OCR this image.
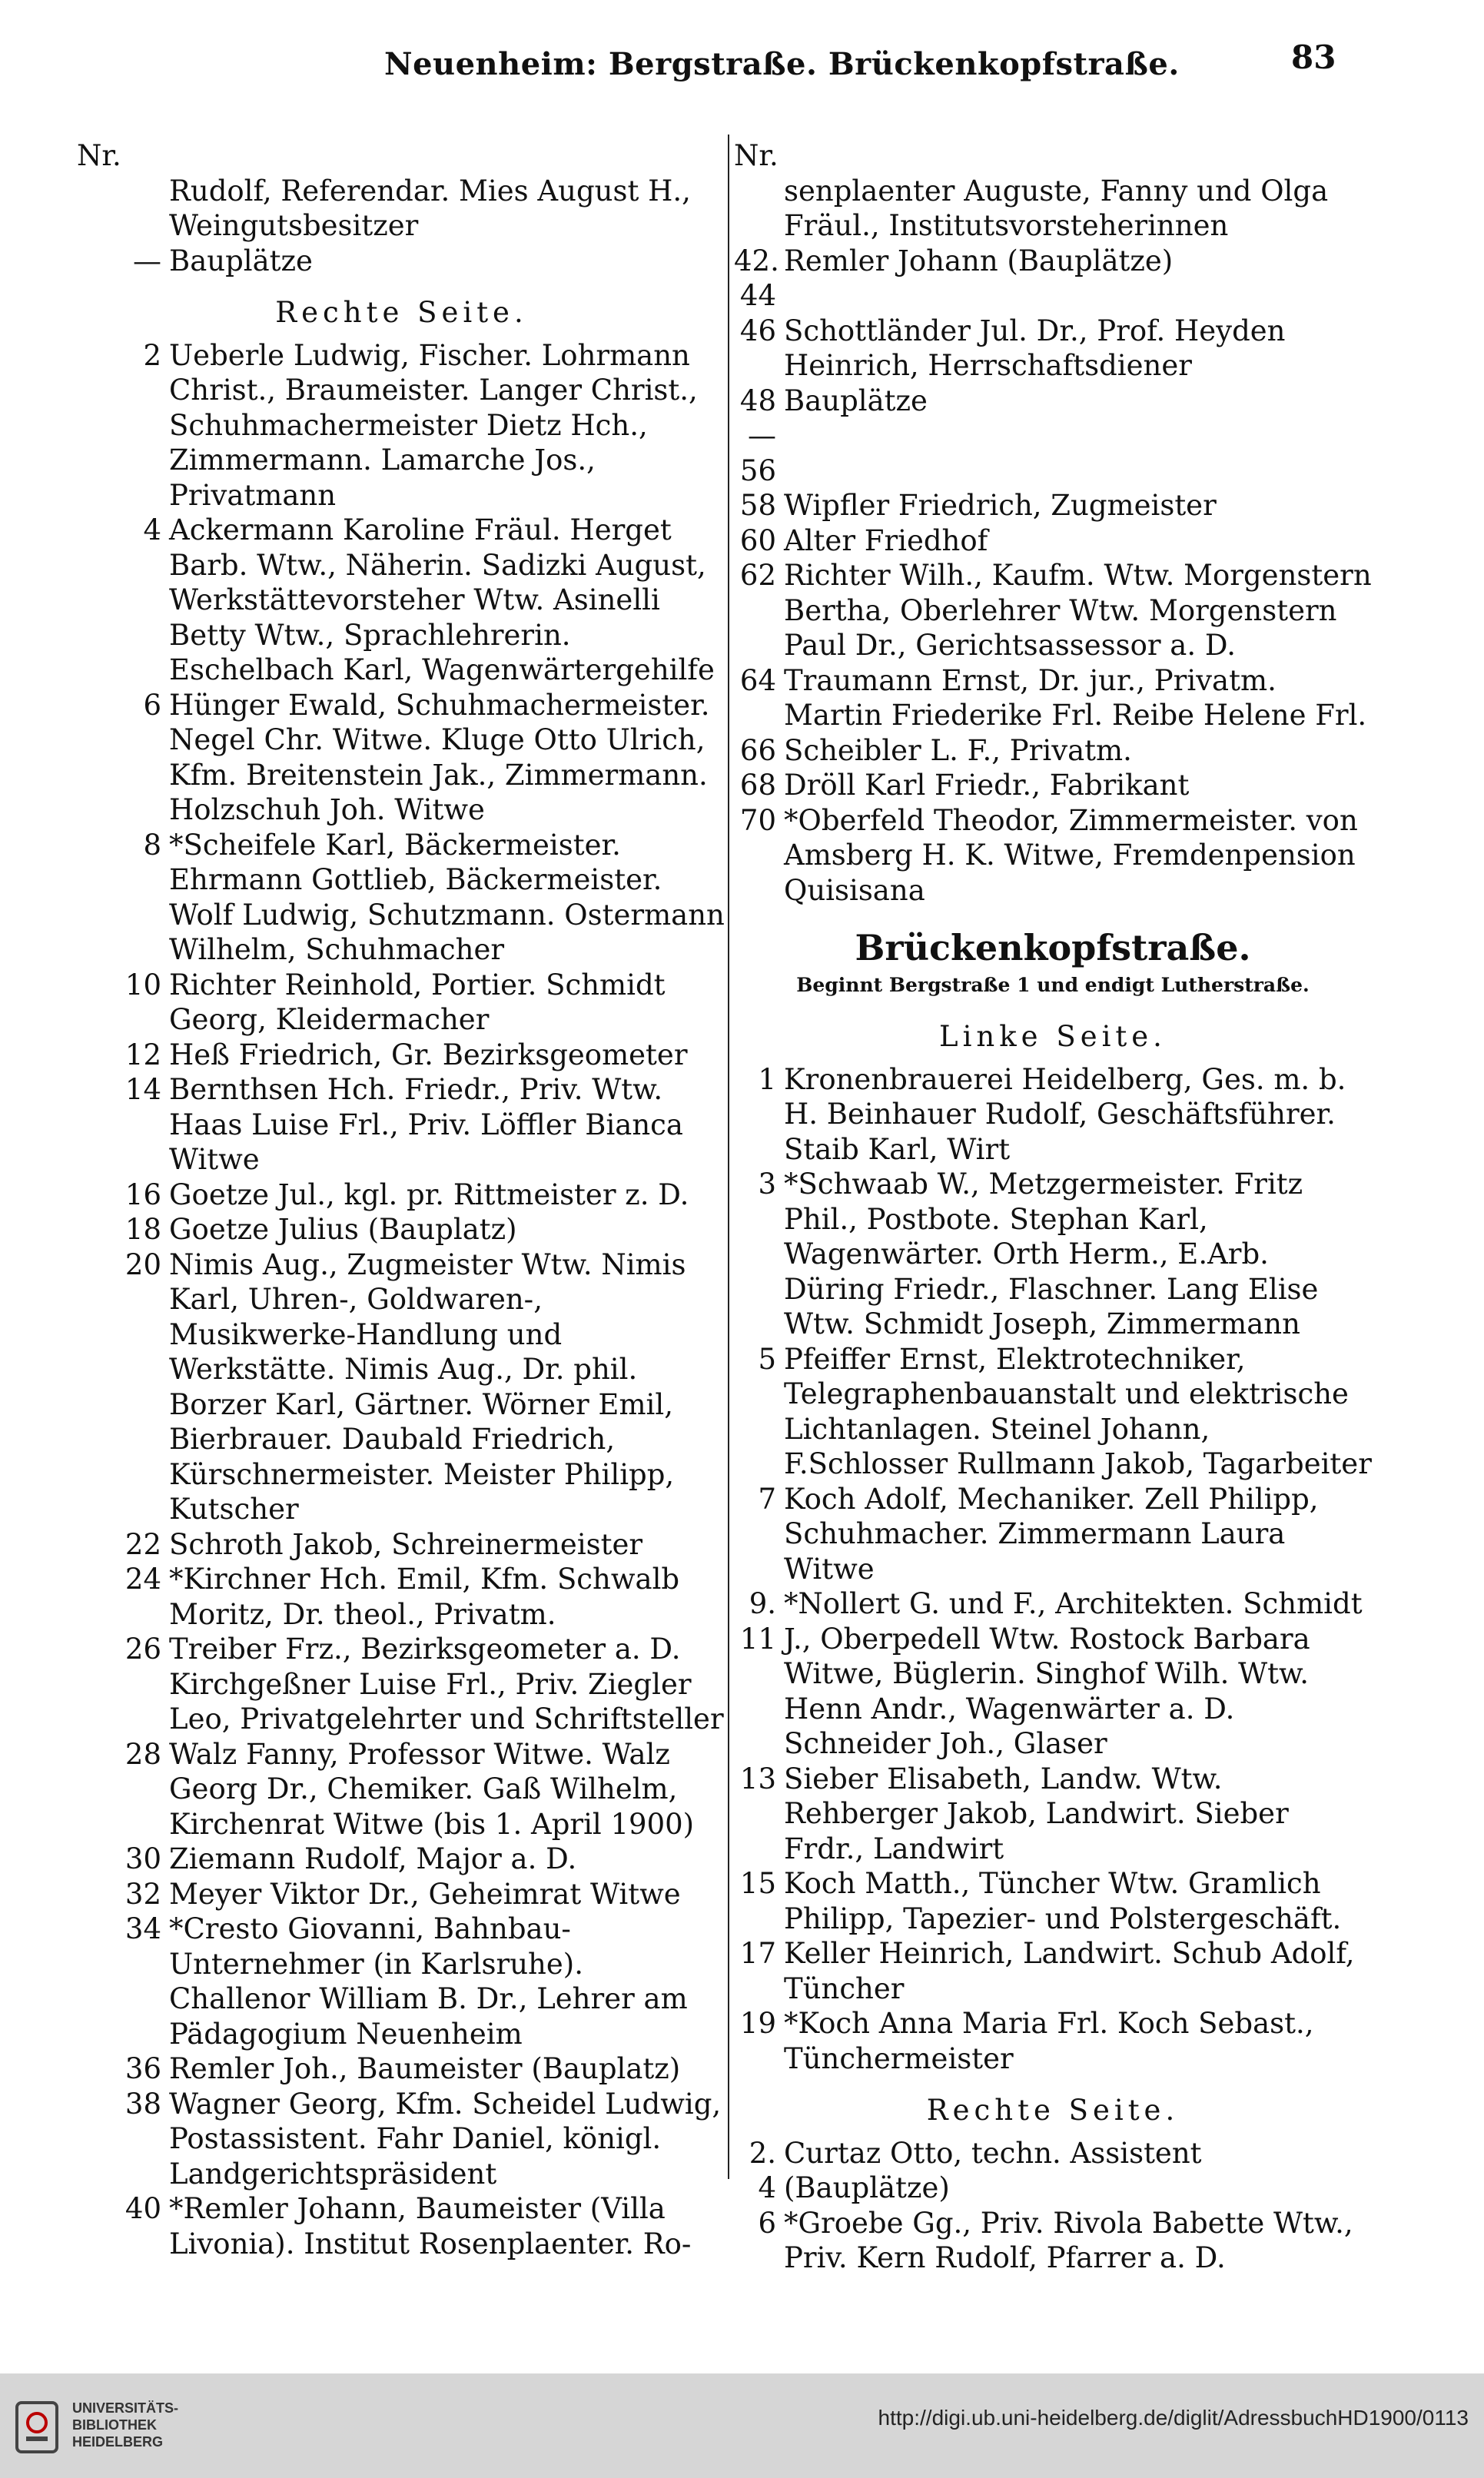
Neuenheim: Bergstraße. Brückenkopfstraße.	83
Nr.
Rudolf, Referendar. Mies August H., Weingutsbesitzer
— Bauplätze
Rechte Seite.
2 Ueberle Ludwig, Fischer. Lohrmann Christ., Braumeister. Langer Christ., Schuhmachermeister Dietz Hch., Zimmermann. Lamarche Jos., Privatmann
4 Ackermann Karoline Fräul. Herget Barb. Wtw., Näherin. Sadizki August, Werkstättevorsteher Wtw. Asinelli Betty Wtw., Sprachlehrerin. Eschelbach Karl, Wagenwärtergehilfe
6 Hünger Ewald, Schuhmachermeister. Negel Chr. Witwe. Kluge Otto Ulrich, Kfm. Breitenstein Jak., Zimmermann. Holzschuh Joh. Witwe
8 *Scheifele Karl, Bäckermeister. Ehrmann Gottlieb, Bäckermeister. Wolf Ludwig, Schutzmann. Ostermann Wilhelm, Schuhmacher
10 Richter Reinhold, Portier. Schmidt Georg, Kleidermacher
12 Heß Friedrich, Gr. Bezirksgeometer
14 Bernthsen Hch. Friedr., Priv. Wtw. Haas Luise Frl., Priv. Löffler Bianca Witwe
16 Goetze Jul., kgl. pr. Rittmeister z. D.
18 Goetze Julius (Bauplatz)
20 Nimis Aug., Zugmeister Wtw. Nimis Karl, Uhren-, Goldwaren-, Musikwerke-Handlung und Werkstätte. Nimis Aug., Dr. phil. Borzer Karl, Gärtner. Wörner Emil, Bierbrauer. Daubald Friedrich, Kürschnermeister. Meister Philipp, Kutscher
22 Schroth Jakob, Schreinermeister
24 *Kirchner Hch. Emil, Kfm. Schwalb Moritz, Dr. theol., Privatm.
26 Treiber Frz., Bezirksgeometer a. D. Kirchgeßner Luise Frl., Priv. Ziegler Leo, Privatgelehrter und Schriftsteller
28 Walz Fanny, Professor Witwe. Walz Georg Dr., Chemiker. Gaß Wilhelm, Kirchenrat Witwe (bis 1. April 1900)
30 Ziemann Rudolf, Major a. D.
32 Meyer Viktor Dr., Geheimrat Witwe
34 *Cresto Giovanni, Bahnbau-Unternehmer (in Karlsruhe). Challenor William B. Dr., Lehrer am Pädagogium Neuenheim
36 Remler Joh., Baumeister (Bauplatz)
38 Wagner Georg, Kfm. Scheidel Ludwig, Postassistent. Fahr Daniel, königl. Landgerichtspräsident
40 *Remler Johann, Baumeister (Villa Livonia). Institut Rosenplaenter. Ro-
Nr.
senplaenter Auguste, Fanny und Olga Fräul., Institutsvorsteherinnen
42. 44
Remler Johann (Bauplätze)
46 Schottländer Jul. Dr., Prof. Heyden Heinrich, Herrschaftsdiener
48—56
Bauplätze
58 Wipfler Friedrich, Zugmeister
60 Alter Friedhof
62 Richter Wilh., Kaufm. Wtw. Morgenstern Bertha, Oberlehrer Wtw. Morgenstern Paul Dr., Gerichtsassessor a. D.
64 Traumann Ernst, Dr. jur., Privatm. Martin Friederike Frl. Reibe Helene Frl.
66 Scheibler L. F., Privatm.
68 Dröll Karl Friedr., Fabrikant
70 *Oberfeld Theodor, Zimmermeister. von Amsberg H. K. Witwe, Fremdenpension Quisisana
Brückenkopfstraße.
Beginnt Bergstraße 1 und endigt Lutherstraße.
Linke Seite.
1 Kronenbrauerei Heidelberg, Ges. m. b. H. Beinhauer Rudolf, Geschäftsführer. Staib Karl, Wirt
3 *Schwaab W., Metzgermeister. Fritz Phil., Postbote. Stephan Karl, Wagenwärter. Orth Herm., E.Arb. Düring Friedr., Flaschner. Lang Elise Wtw. Schmidt Joseph, Zimmermann
5 Pfeiffer Ernst, Elektrotechniker, Telegraphenbauanstalt und elektrische Lichtanlagen. Steinel Johann, F.Schlosser Rullmann Jakob, Tagarbeiter
7 Koch Adolf, Mechaniker. Zell Philipp, Schuhmacher. Zimmermann Laura Witwe
9. 11
*Nollert G. und F., Architekten. Schmidt J., Oberpedell Wtw. Rostock Barbara Witwe, Büglerin. Singhof Wilh. Wtw. Henn Andr., Wagenwärter a. D. Schneider Joh., Glaser
13 Sieber Elisabeth, Landw. Wtw. Rehberger Jakob, Landwirt. Sieber Frdr., Landwirt
15 Koch Matth., Tüncher Wtw. Gramlich Philipp, Tapezier- und Polstergeschäft.
17 Keller Heinrich, Landwirt. Schub Adolf, Tüncher
19 *Koch Anna Maria Frl. Koch Sebast., Tünchermeister
Rechte Seite.
2. 4
Curtaz Otto, techn. Assistent (Bauplätze)
6 *Groebe Gg., Priv. Rivola Babette Wtw., Priv. Kern Rudolf, Pfarrer a. D.
UNIVERSITÄTS-
BIBLIOTHEK
HEIDELBERG
http://digi.ub.uni-heidelberg.de/diglit/AdressbuchHD1900/0113
